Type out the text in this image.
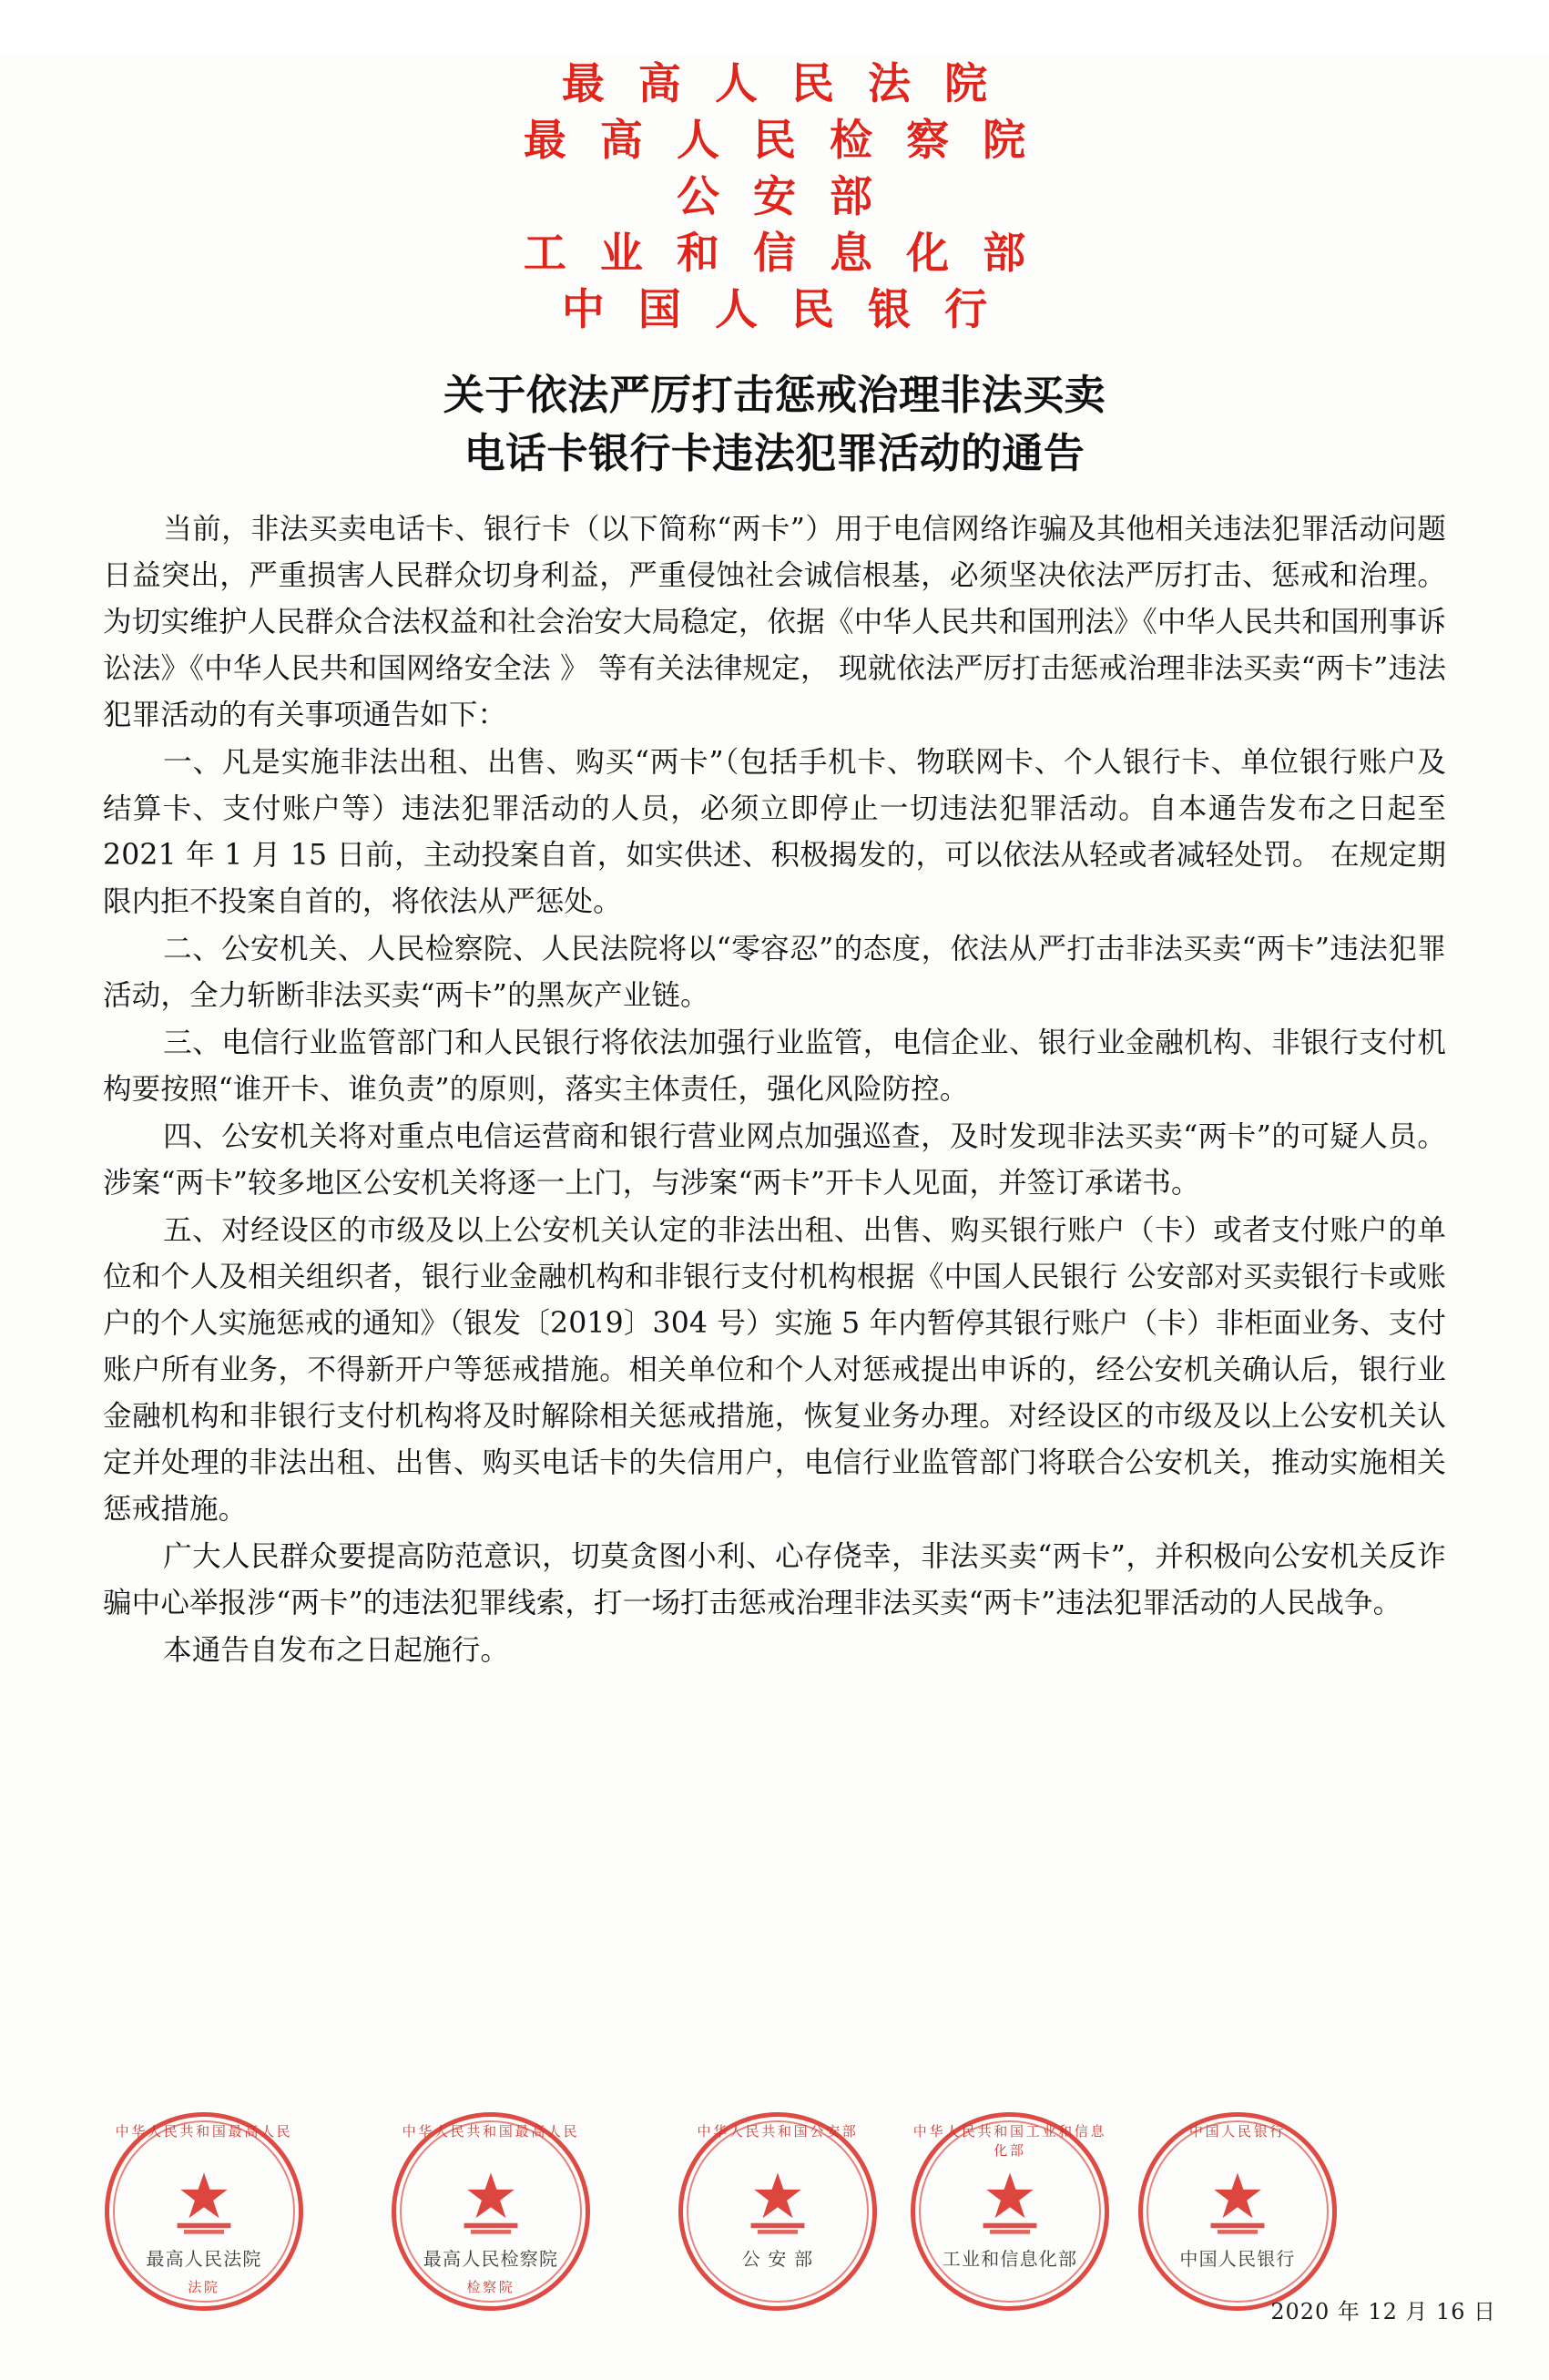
最 高 人 民 法 院
最 高 人 民 检 察 院
公 安 部
工 业 和 信 息 化 部
中 国 人 民 银 行
关于依法严厉打击惩戒治理非法买卖
电话卡银行卡违法犯罪活动的通告

当前，非法买卖电话卡、银行卡（以下简称“两卡”）用于电信网络诈骗及其他相关违法犯罪活动问题日益突出，严重损害人民群众切身利益，严重侵蚀社会诚信根基，必须坚决依法严厉打击、惩戒和治理。为切实维护人民群众合法权益和社会治安大局稳定，依据《中华人民共和国刑法》《中华人民共和国刑事诉讼法》《中华人民共和国网络安全法 》 等有关法律规定， 现就依法严厉打击惩戒治理非法买卖“两卡”违法犯罪活动的有关事项通告如下：

一、凡是实施非法出租、出售、购买“两卡”（包括手机卡、物联网卡、个人银行卡、单位银行账户及结算卡、支付账户等）违法犯罪活动的人员，必须立即停止一切违法犯罪活动。自本通告发布之日起至 2021 年 1 月 15 日前，主动投案自首，如实供述、积极揭发的，可以依法从轻或者减轻处罚。 在规定期限内拒不投案自首的，将依法从严惩处。

二、公安机关、人民检察院、人民法院将以“零容忍”的态度，依法从严打击非法买卖“两卡”违法犯罪活动，全力斩断非法买卖“两卡”的黑灰产业链。

三、电信行业监管部门和人民银行将依法加强行业监管，电信企业、银行业金融机构、非银行支付机构要按照“谁开卡、谁负责”的原则，落实主体责任，强化风险防控。

四、公安机关将对重点电信运营商和银行营业网点加强巡查，及时发现非法买卖“两卡”的可疑人员。涉案“两卡”较多地区公安机关将逐一上门，与涉案“两卡”开卡人见面，并签订承诺书。

五、对经设区的市级及以上公安机关认定的非法出租、出售、购买银行账户（卡）或者支付账户的单位和个人及相关组织者，银行业金融机构和非银行支付机构根据《中国人民银行 公安部对买卖银行卡或账户的个人实施惩戒的通知》（银发〔2019〕304 号）实施 5 年内暂停其银行账户（卡）非柜面业务、支付账户所有业务，不得新开户等惩戒措施。相关单位和个人对惩戒提出申诉的，经公安机关确认后，银行业金融机构和非银行支付机构将及时解除相关惩戒措施，恢复业务办理。对经设区的市级及以上公安机关认定并处理的非法出租、出售、购买电话卡的失信用户，电信行业监管部门将联合公安机关，推动实施相关惩戒措施。

广大人民群众要提高防范意识，切莫贪图小利、心存侥幸，非法买卖“两卡”，并积极向公安机关反诈骗中心举报涉“两卡”的违法犯罪线索，打一场打击惩戒治理非法买卖“两卡”违法犯罪活动的人民战争。

本通告自发布之日起施行。

中华人民共和国最高人民
最高人民法院
法院
中华人民共和国最高人民
最高人民检察院
检察院
中华人民共和国公安部
公 安 部
中华人民共和国工业和信息化部
工业和信息化部
中国人民银行
中国人民银行
2020 年 12 月 16 日
